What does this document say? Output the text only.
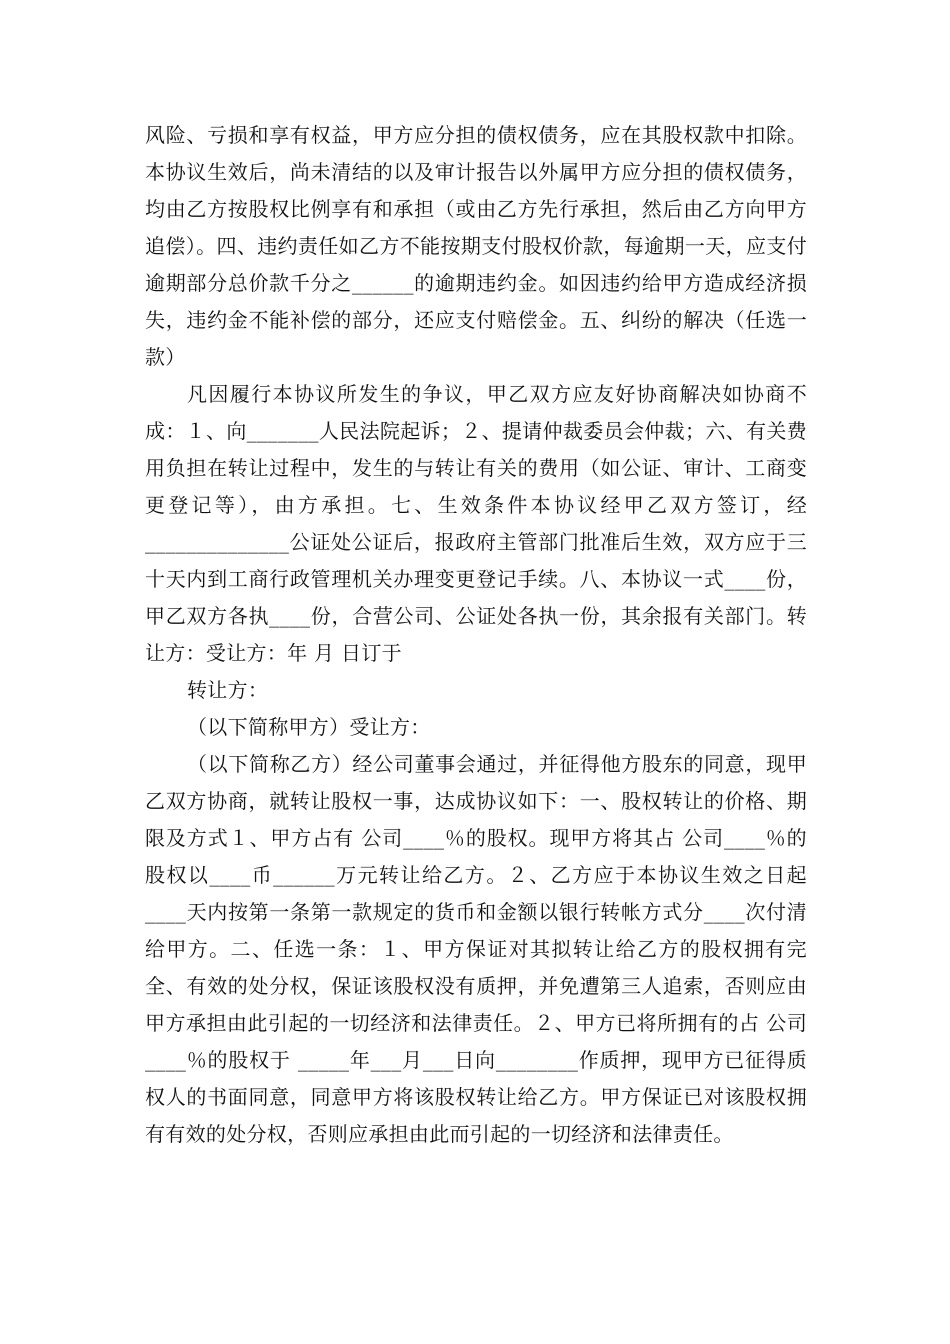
风险、亏损和享有权益，甲方应分担的债权债务，应在其股权款中扣除。本协议生效后，尚未清结的以及审计报告以外属甲方应分担的债权债务，均由乙方按股权比例享有和承担（或由乙方先行承担，然后由乙方向甲方追偿）。四、违约责任如乙方不能按期支付股权价款，每逾期一天，应支付逾期部分总价款千分之______的逾期违约金。如因违约给甲方造成经济损失，违约金不能补偿的部分，还应支付赔偿金。五、纠纷的解决（任选一款）

凡因履行本协议所发生的争议，甲乙双方应友好协商解决如协商不成：１、向_______人民法院起诉；２、提请仲裁委员会仲裁；六、有关费用负担在转让过程中，发生的与转让有关的费用（如公证、审计、工商变更登记等），由方承担。七、生效条件本协议经甲乙双方签订，经______________公证处公证后，报政府主管部门批准后生效，双方应于三十天内到工商行政管理机关办理变更登记手续。八、本协议一式____份，甲乙双方各执____份，合营公司、公证处各执一份，其余报有关部门。转让方：受让方：年 月 日订于

转让方：

（以下简称甲方）受让方：

（以下简称乙方）经公司董事会通过，并征得他方股东的同意，现甲乙双方协商，就转让股权一事，达成协议如下：一、股权转让的价格、期限及方式１、甲方占有 公司____％的股权。现甲方将其占 公司____％的股权以____币______万元转让给乙方。２、乙方应于本协议生效之日起____天内按第一条第一款规定的货币和金额以银行转帐方式分____次付清给甲方。二、任选一条：１、甲方保证对其拟转让给乙方的股权拥有完全、有效的处分权，保证该股权没有质押，并免遭第三人追索，否则应由甲方承担由此引起的一切经济和法律责任。２、甲方已将所拥有的占 公司____％的股权于 _____年___月___日向________作质押，现甲方已征得质权人的书面同意，同意甲方将该股权转让给乙方。甲方保证已对该股权拥有有效的处分权，否则应承担由此而引起的一切经济和法律责任。
